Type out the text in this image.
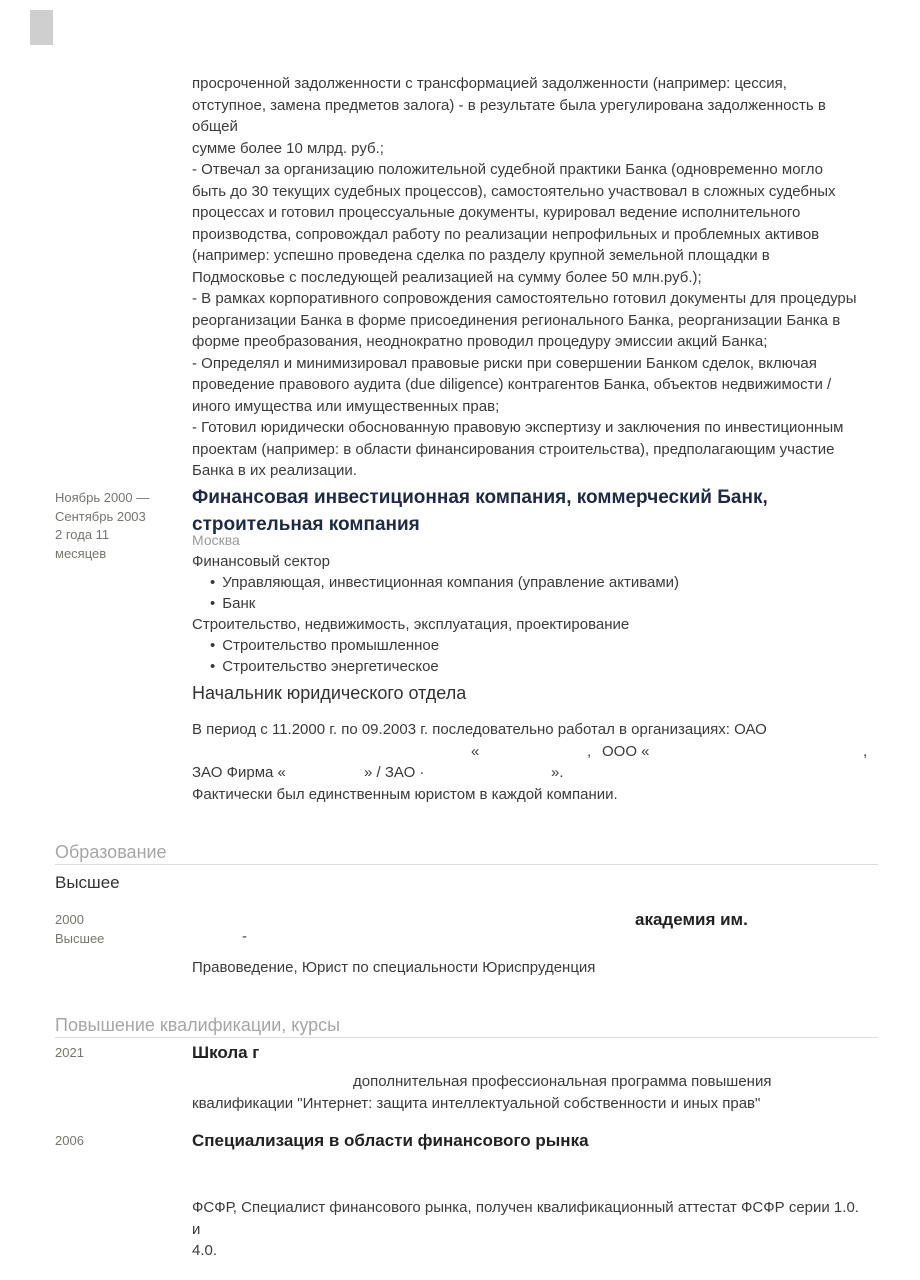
просроченной задолженности с трансформацией задолженности (например: цессия,
отступное, замена предметов залога) - в результате была урегулирована задолженность в общей
сумме более 10 млрд. руб.;
- Отвечал за организацию положительной судебной практики Банка (одновременно могло
быть до 30 текущих судебных процессов), самостоятельно участвовал в сложных судебных
процессах и готовил процессуальные документы, курировал ведение исполнительного
производства, сопровождал работу по реализации непрофильных и проблемных активов
(например: успешно проведена сделка по разделу крупной земельной площадки в
Подмосковье с последующей реализацией на сумму более 50 млн.руб.);
- В рамках корпоративного сопровождения самостоятельно готовил документы для процедуры
реорганизации Банка в форме присоединения регионального Банка, реорганизации Банка в
форме преобразования, неоднократно проводил процедуру эмиссии акций Банка;
- Определял и минимизировал правовые риски при совершении Банком сделок, включая
проведение правового аудита (due diligence) контрагентов Банка, объектов недвижимости /
иного имущества или имущественных прав;
- Готовил юридически обоснованную правовую экспертизу и заключения по инвестиционным
проектам (например: в области финансирования строительства), предполагающим участие
Банка в их реализации.
Ноябрь 2000 —
Сентябрь 2003
2 года 11
месяцев
Финансовая инвестиционная компания, коммерческий Банк,
строительная компания
Москва
Финансовый сектор
• Управляющая, инвестиционная компания (управление активами)
• Банк
Строительство, недвижимость, эксплуатация, проектирование
• Строительство промышленное
• Строительство энергетическое
Начальник юридического отдела
В период с 11.2000 г. по 09.2003 г. последовательно работал в организациях: ОАО
«	, ООО «	,
ЗАО Фирма «	» / ЗАО ·	».
Фактически был единственным юристом в каждой компании.
Образование
Высшее
2000
Высшее	-
академия им.
Правоведение, Юрист по специальности Юриспруденция
Повышение квалификации, курсы
2021	Школа г
дополнительная профессиональная программа повышения
квалификации "Интернет: защита интеллектуальной собственности и иных прав"
2006	Специализация в области финансового рынка
ФСФР, Специалист финансового рынка, получен квалификационный аттестат ФСФР серии 1.0. и
4.0.
